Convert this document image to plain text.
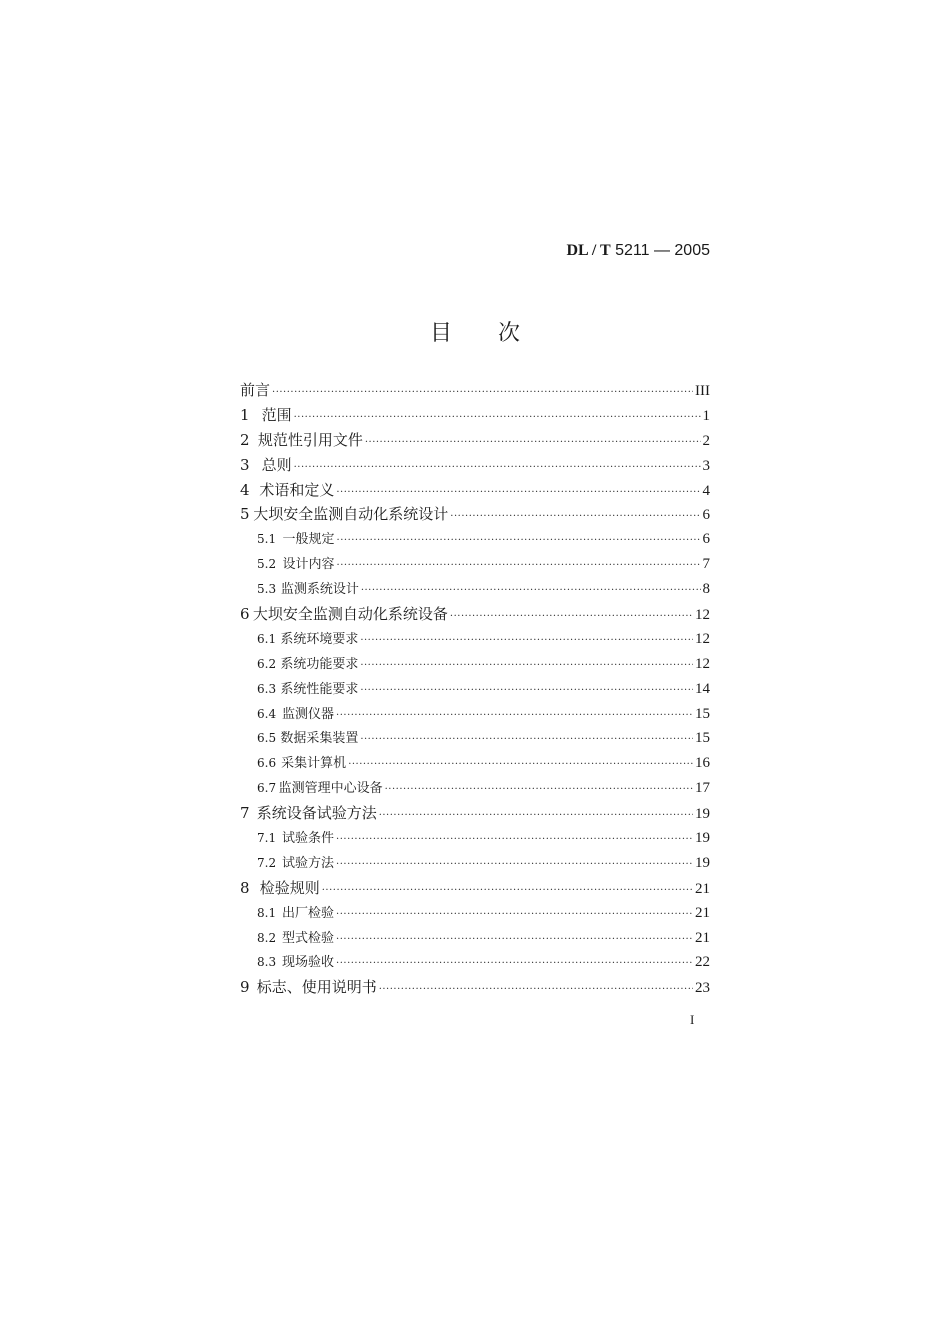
DL / T 5211 — 2005
目 次
前言 ·····	III
1 范围 ·····	1
2 规范性引用文件 ·····	2
3 总则 ·····	3
4 术语和定义 ·····	4
5 大坝安全监测自动化系统设计 ·····	6
5.1 一般规定 ·····	6
5.2 设计内容 ·····	7
5.3 监测系统设计 ·····	8
6 大坝安全监测自动化系统设备 ·····	12
6.1 系统环境要求 ·····	12
6.2 系统功能要求 ·····	12
6.3 系统性能要求 ·····	14
6.4 监测仪器 ·····	15
6.5 数据采集装置 ·····	15
6.6 采集计算机 ·····	16
6.7 监测管理中心设备 ·····	17
7 系统设备试验方法 ·····	19
7.1 试验条件 ·····	19
7.2 试验方法 ·····	19
8 检验规则 ·····	21
8.1 出厂检验 ·····	21
8.2 型式检验 ·····	21
8.3 现场验收 ·····	22
9 标志、使用说明书 ·····	23
I
